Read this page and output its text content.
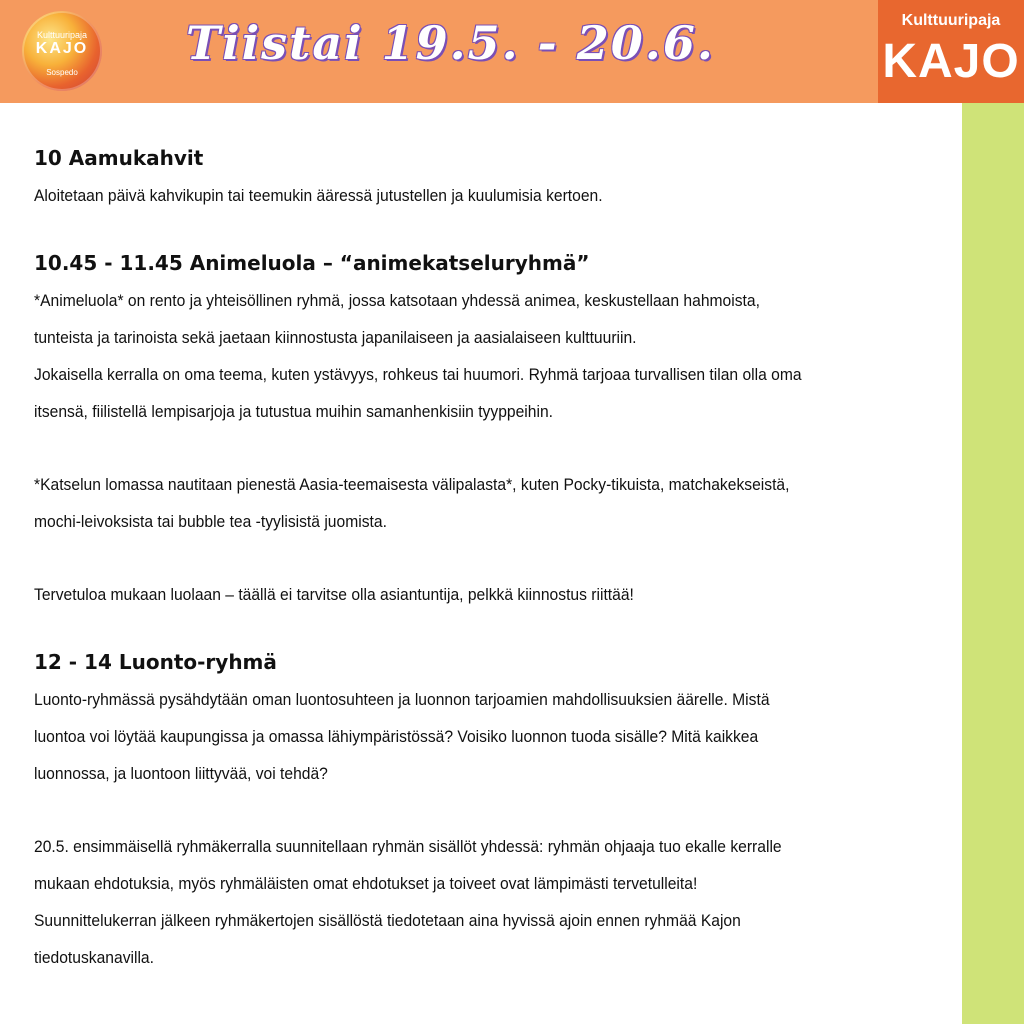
Kulttuuripaja
KAJO
Sospedo
Tiistai 19.5. - 20.6.	Kulttuuripaja
KAJO
10 Aamukahvit
Aloitetaan päivä kahvikupin tai teemukin ääressä jutustellen ja kuulumisia kertoen.
10.45 - 11.45 Animeluola – “animekatseluryhmä”
*Animeluola* on rento ja yhteisöllinen ryhmä, jossa katsotaan yhdessä animea, keskustellaan hahmoista,
tunteista ja tarinoista sekä jaetaan kiinnostusta japanilaiseen ja aasialaiseen kulttuuriin.
Jokaisella kerralla on oma teema, kuten ystävyys, rohkeus tai huumori. Ryhmä tarjoaa turvallisen tilan olla oma
itsensä, fiilistellä lempisarjoja ja tutustua muihin samanhenkisiin tyyppeihin.
*Katselun lomassa nautitaan pienestä Aasia-teemaisesta välipalasta*, kuten Pocky-tikuista, matchakekseistä,
mochi-leivoksista tai bubble tea -tyylisistä juomista.
Tervetuloa mukaan luolaan – täällä ei tarvitse olla asiantuntija, pelkkä kiinnostus riittää!
12 - 14 Luonto-ryhmä
Luonto-ryhmässä pysähdytään oman luontosuhteen ja luonnon tarjoamien mahdollisuuksien äärelle. Mistä
luontoa voi löytää kaupungissa ja omassa lähiympäristössä? Voisiko luonnon tuoda sisälle? Mitä kaikkea
luonnossa, ja luontoon liittyvää, voi tehdä?
20.5. ensimmäisellä ryhmäkerralla suunnitellaan ryhmän sisällöt yhdessä: ryhmän ohjaaja tuo ekalle kerralle
mukaan ehdotuksia, myös ryhmäläisten omat ehdotukset ja toiveet ovat lämpimästi tervetulleita!
Suunnittelukerran jälkeen ryhmäkertojen sisällöstä tiedotetaan aina hyvissä ajoin ennen ryhmää Kajon
tiedotuskanavilla.
